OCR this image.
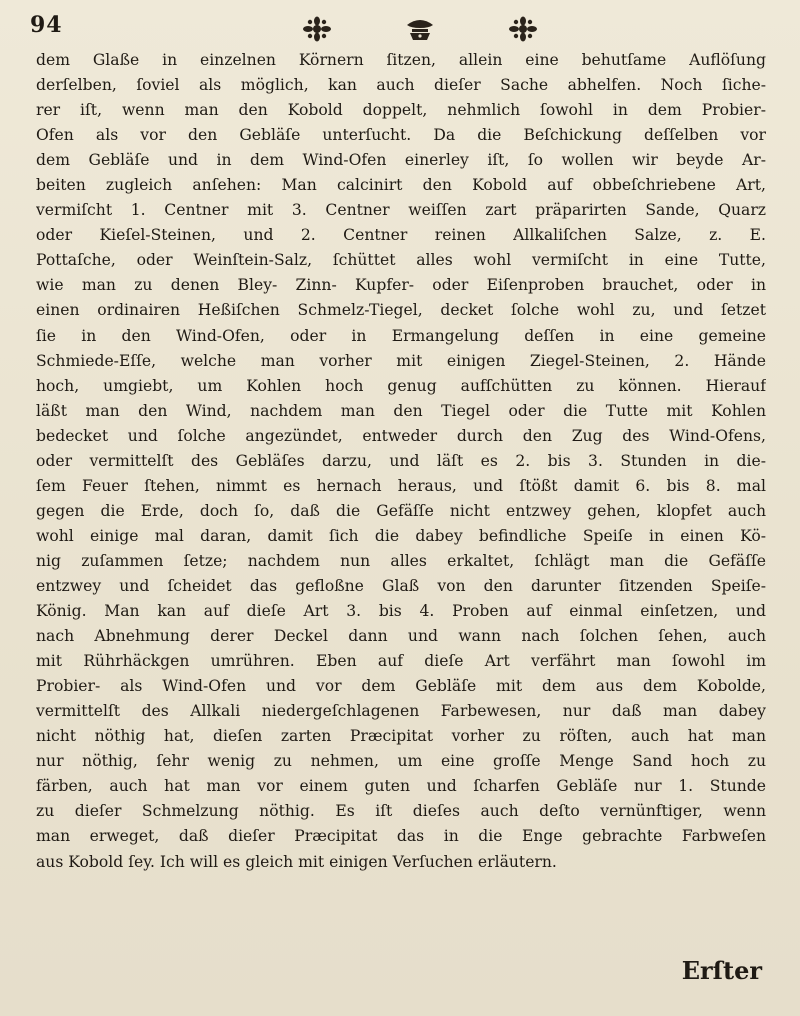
94
dem Glaße in einzelnen Körnern ſitzen, allein eine behutſame Auflöſung
derſelben, ſoviel als möglich, kan auch dieſer Sache abhelfen. Noch ſiche-
rer iſt, wenn man den Kobold doppelt, nehmlich ſowohl in dem Probier-
Ofen als vor den Gebläſe unterſucht. Da die Beſchickung deſſelben vor
dem Gebläſe und in dem Wind-Ofen einerley iſt, ſo wollen wir beyde Ar-
beiten zugleich anſehen: Man calcinirt den Kobold auf obbeſchriebene Art,
vermiſcht 1. Centner mit 3. Centner weiſſen zart präparirten Sande, Quarz
oder Kieſel-Steinen, und 2. Centner reinen Allkaliſchen Salze, z. E.
Pottaſche, oder Weinſtein-Salz, ſchüttet alles wohl vermiſcht in eine Tutte,
wie man zu denen Bley- Zinn- Kupfer- oder Eiſenproben brauchet, oder in
einen ordinairen Heßiſchen Schmelz-Tiegel, decket ſolche wohl zu, und ſetzet
ſie in den Wind-Ofen, oder in Ermangelung deſſen in eine gemeine
Schmiede-Eſſe, welche man vorher mit einigen Ziegel-Steinen, 2. Hände
hoch, umgiebt, um Kohlen hoch genug aufſchütten zu können. Hierauf
läßt man den Wind, nachdem man den Tiegel oder die Tutte mit Kohlen
bedecket und ſolche angezündet, entweder durch den Zug des Wind-Ofens,
oder vermittelſt des Gebläſes darzu, und läſt es 2. bis 3. Stunden in die-
ſem Feuer ſtehen, nimmt es hernach heraus, und ſtößt damit 6. bis 8. mal
gegen die Erde, doch ſo, daß die Gefäſſe nicht entzwey gehen, klopfet auch
wohl einige mal daran, damit ſich die dabey befindliche Speiſe in einen Kö-
nig zuſammen ſetze; nachdem nun alles erkaltet, ſchlägt man die Gefäſſe
entzwey und ſcheidet das gefloßne Glaß von den darunter ſitzenden Speiſe-
König. Man kan auf dieſe Art 3. bis 4. Proben auf einmal einſetzen, und
nach Abnehmung derer Deckel dann und wann nach ſolchen ſehen, auch
mit Rührhäckgen umrühren. Eben auf dieſe Art verfährt man ſowohl im
Probier- als Wind-Ofen und vor dem Gebläſe mit dem aus dem Kobolde,
vermittelſt des Allkali niedergeſchlagenen Farbewesen, nur daß man dabey
nicht nöthig hat, dieſen zarten Præcipitat vorher zu röſten, auch hat man
nur nöthig, ſehr wenig zu nehmen, um eine groſſe Menge Sand hoch zu
färben, auch hat man vor einem guten und ſcharfen Gebläſe nur 1. Stunde
zu dieſer Schmelzung nöthig. Es iſt dieſes auch deſto vernünftiger, wenn
man erweget, daß dieſer Præcipitat das in die Enge gebrachte Farbweſen
aus Kobold ſey. Ich will es gleich mit einigen Verſuchen erläutern.
Erſter
